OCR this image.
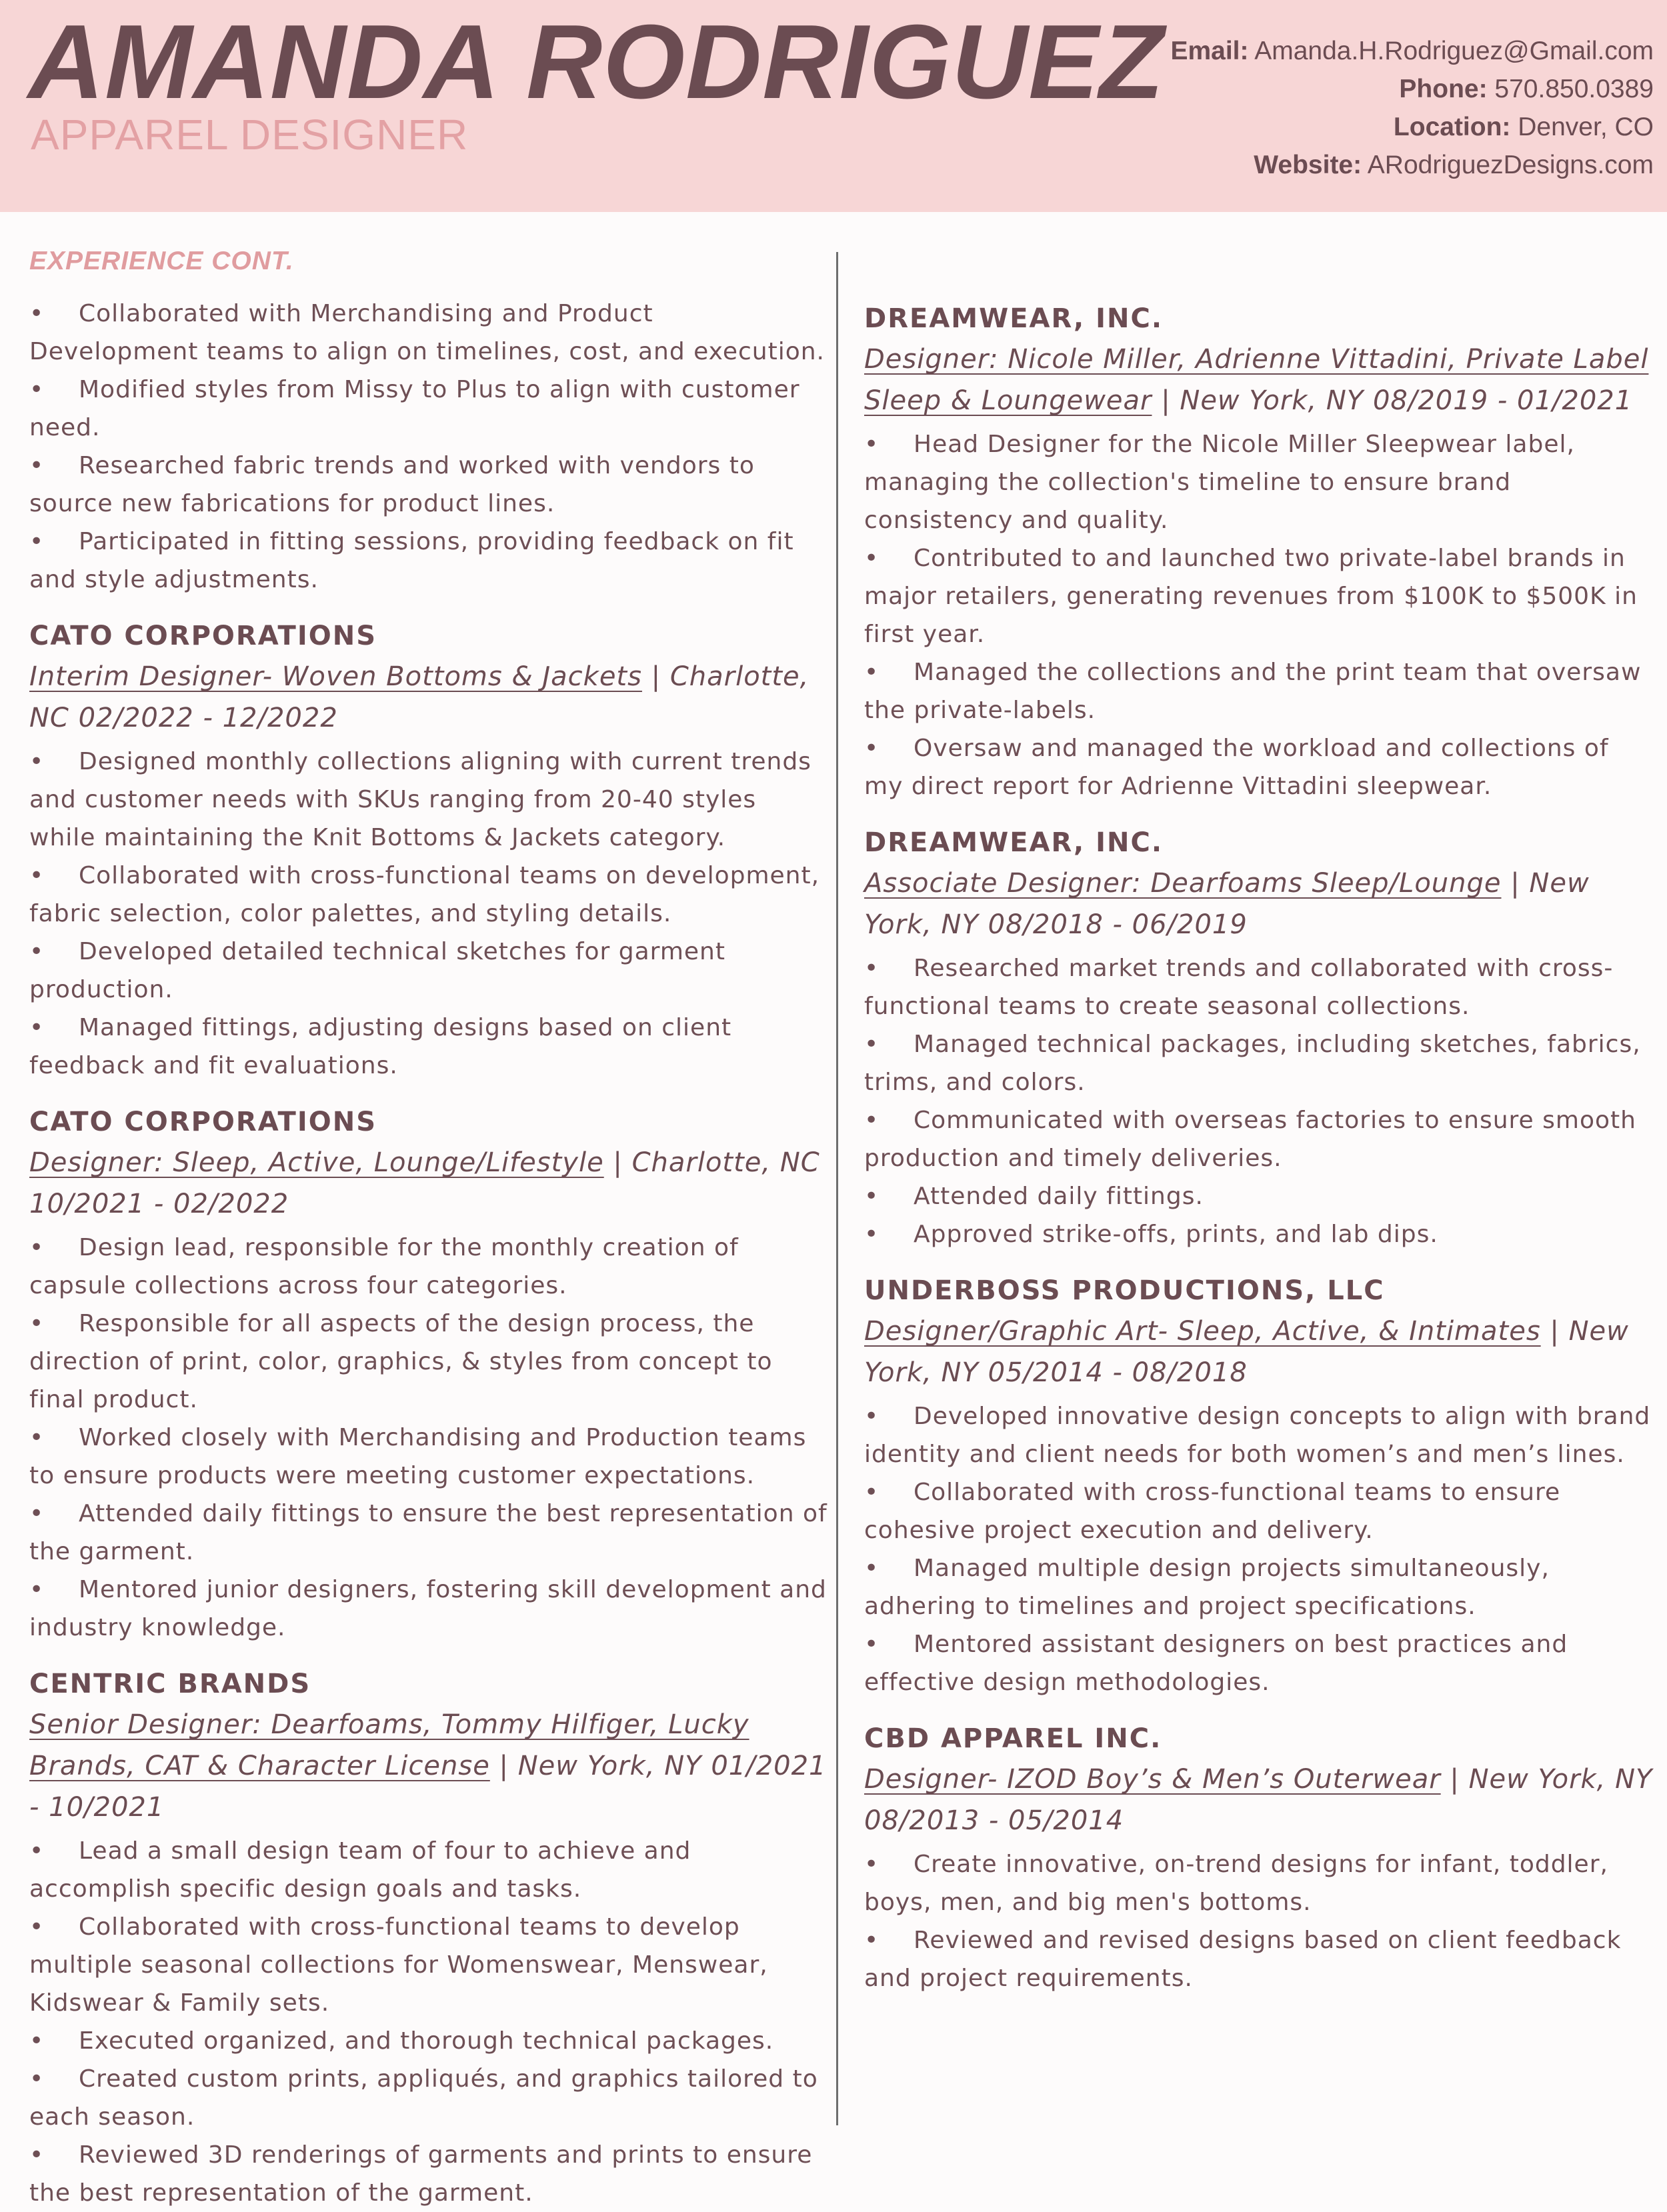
AMANDA RODRIGUEZ
APPAREL DESIGNER
Email: Amanda.H.Rodriguez@Gmail.com
Phone: 570.850.0389
Location: Denver, CO
Website: ARodriguezDesigns.com
EXPERIENCE CONT.
• Collaborated with Merchandising and Product Development teams to align on timelines, cost, and execution.
• Modified styles from Missy to Plus to align with customer need.
• Researched fabric trends and worked with vendors to source new fabrications for product lines.
• Participated in fitting sessions, providing feedback on fit and style adjustments.
CATO CORPORATIONS
Interim Designer- Woven Bottoms & Jackets | Charlotte, NC 02/2022 - 12/2022
• Designed monthly collections aligning with current trends and customer needs with SKUs ranging from 20-40 styles while maintaining the Knit Bottoms & Jackets category.
• Collaborated with cross-functional teams on development, fabric selection, color palettes, and styling details.
• Developed detailed technical sketches for garment production.
• Managed fittings, adjusting designs based on client feedback and fit evaluations.
CATO CORPORATIONS
Designer: Sleep, Active, Lounge/Lifestyle | Charlotte, NC 10/2021 - 02/2022
• Design lead, responsible for the monthly creation of capsule collections across four categories.
• Responsible for all aspects of the design process, the direction of print, color, graphics, & styles from concept to final product.
• Worked closely with Merchandising and Production teams to ensure products were meeting customer expectations.
• Attended daily fittings to ensure the best representation of the garment.
• Mentored junior designers, fostering skill development and industry knowledge.
CENTRIC BRANDS
Senior Designer: Dearfoams, Tommy Hilfiger, Lucky Brands, CAT & Character License | New York, NY 01/2021 - 10/2021
• Lead a small design team of four to achieve and accomplish specific design goals and tasks.
• Collaborated with cross-functional teams to develop multiple seasonal collections for Womenswear, Menswear, Kidswear & Family sets.
• Executed organized, and thorough technical packages.
• Created custom prints, appliqués, and graphics tailored to each season.
• Reviewed 3D renderings of garments and prints to ensure the best representation of the garment.
DREAMWEAR, INC.
Designer: Nicole Miller, Adrienne Vittadini, Private Label Sleep & Loungewear | New York, NY 08/2019 - 01/2021
• Head Designer for the Nicole Miller Sleepwear label, managing the collection's timeline to ensure brand consistency and quality.
• Contributed to and launched two private-label brands in major retailers, generating revenues from $100K to $500K in first year.
• Managed the collections and the print team that oversaw the private-labels.
• Oversaw and managed the workload and collections of my direct report for Adrienne Vittadini sleepwear.
DREAMWEAR, INC.
Associate Designer: Dearfoams Sleep/Lounge | New York, NY 08/2018 - 06/2019
• Researched market trends and collaborated with cross-functional teams to create seasonal collections.
• Managed technical packages, including sketches, fabrics, trims, and colors.
• Communicated with overseas factories to ensure smooth production and timely deliveries.
• Attended daily fittings.
• Approved strike-offs, prints, and lab dips.
UNDERBOSS PRODUCTIONS, LLC
Designer/Graphic Art- Sleep, Active, & Intimates | New York, NY 05/2014 - 08/2018
• Developed innovative design concepts to align with brand identity and client needs for both women’s and men’s lines.
• Collaborated with cross-functional teams to ensure cohesive project execution and delivery.
• Managed multiple design projects simultaneously, adhering to timelines and project specifications.
• Mentored assistant designers on best practices and effective design methodologies.
CBD APPAREL INC.
Designer- IZOD Boy’s & Men’s Outerwear | New York, NY 08/2013 - 05/2014
• Create innovative, on-trend designs for infant, toddler, boys, men, and big men's bottoms.
• Reviewed and revised designs based on client feedback and project requirements.
